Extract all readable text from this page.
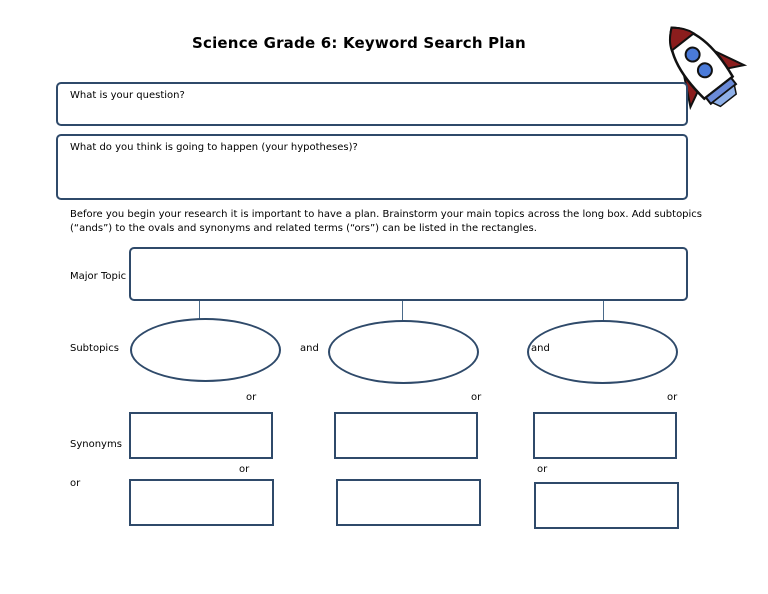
Science Grade 6: Keyword Search Plan
What is your question?
What do you think is going to happen (your hypotheses)?
Before you begin your research it is important to have a plan. Brainstorm your main topics across the long box. Add subtopics (“ands”) to the ovals and synonyms and related terms (“ors”) can be listed in the rectangles.
Major Topic
Subtopics	and	and
or	or	or
Synonyms
or	or
or
